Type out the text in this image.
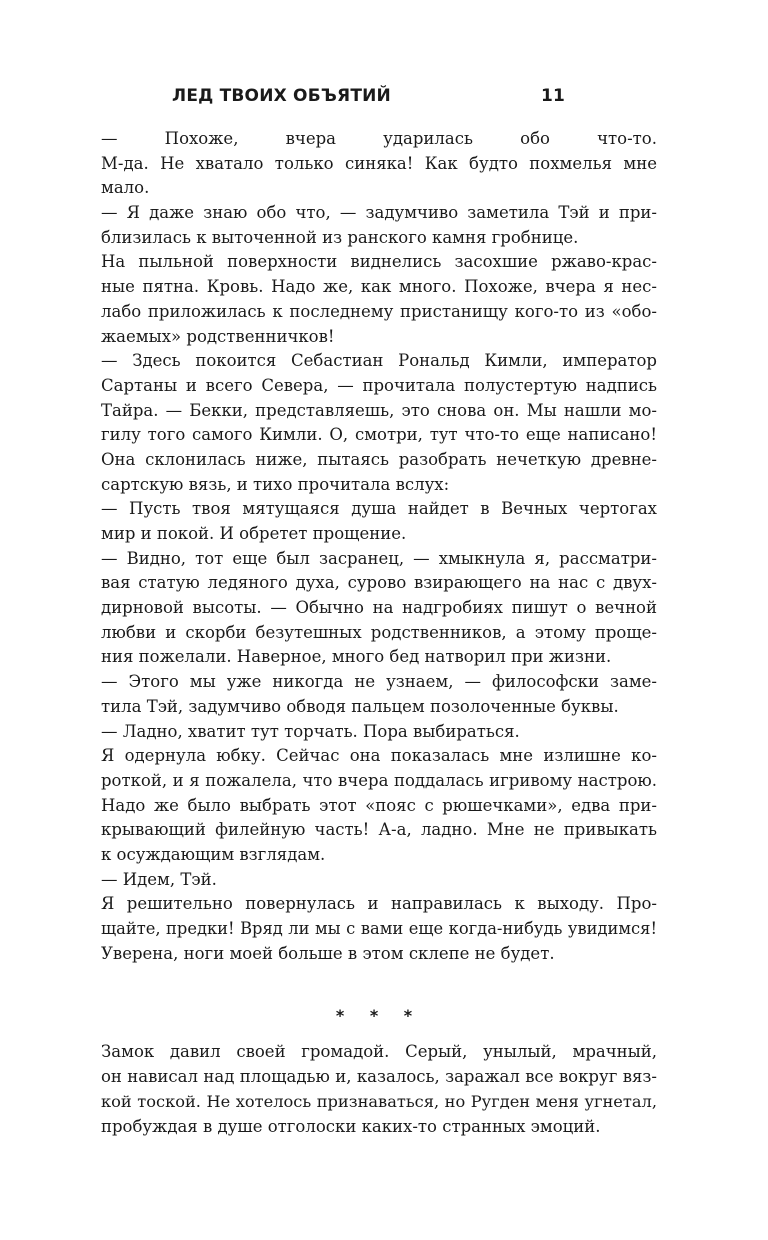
ЛЕД ТВОИХ ОБЪЯТИЙ	11
— Похоже, вчера ударилась обо что-то.
М-да. Не хватало только синяка! Как будто похмелья мне
мало.
— Я даже знаю обо что, — задумчиво заметила Тэй и при-
близилась к выточенной из ранского камня гробнице.
На пыльной поверхности виднелись засохшие ржаво-крас-
ные пятна. Кровь. Надо же, как много. Похоже, вчера я нес-
лабо приложилась к последнему пристанищу кого-то из «обо-
жаемых» родственничков!
— Здесь покоится Себастиан Рональд Кимли, император
Сартаны и всего Севера, — прочитала полустертую надпись
Тайра. — Бекки, представляешь, это снова он. Мы нашли мо-
гилу того самого Кимли. О, смотри, тут что-то еще написано!
Она склонилась ниже, пытаясь разобрать нечеткую древне-
сартскую вязь, и тихо прочитала вслух:
— Пусть твоя мятущаяся душа найдет в Вечных чертогах
мир и покой. И обретет прощение.
— Видно, тот еще был засранец, — хмыкнула я, рассматри-
вая статую ледяного духа, сурово взирающего на нас с двух-
дирновой высоты. — Обычно на надгробиях пишут о вечной
любви и скорби безутешных родственников, а этому проще-
ния пожелали. Наверное, много бед натворил при жизни.
— Этого мы уже никогда не узнаем, — философски заме-
тила Тэй, задумчиво обводя пальцем позолоченные буквы.
— Ладно, хватит тут торчать. Пора выбираться.
Я одернула юбку. Сейчас она показалась мне излишне ко-
роткой, и я пожалела, что вчера поддалась игривому настрою.
Надо же было выбрать этот «пояс с рюшечками», едва при-
крывающий филейную часть! А-а, ладно. Мне не привыкать
к осуждающим взглядам.
— Идем, Тэй.
Я решительно повернулась и направилась к выходу. Про-
щайте, предки! Вряд ли мы с вами еще когда-нибудь увидимся!
Уверена, ноги моей больше в этом склепе не будет.
* * *
Замок давил своей громадой. Серый, унылый, мрачный,
он нависал над площадью и, казалось, заражал все вокруг вяз-
кой тоской. Не хотелось признаваться, но Ругден меня угнетал,
пробуждая в душе отголоски каких-то странных эмоций.
